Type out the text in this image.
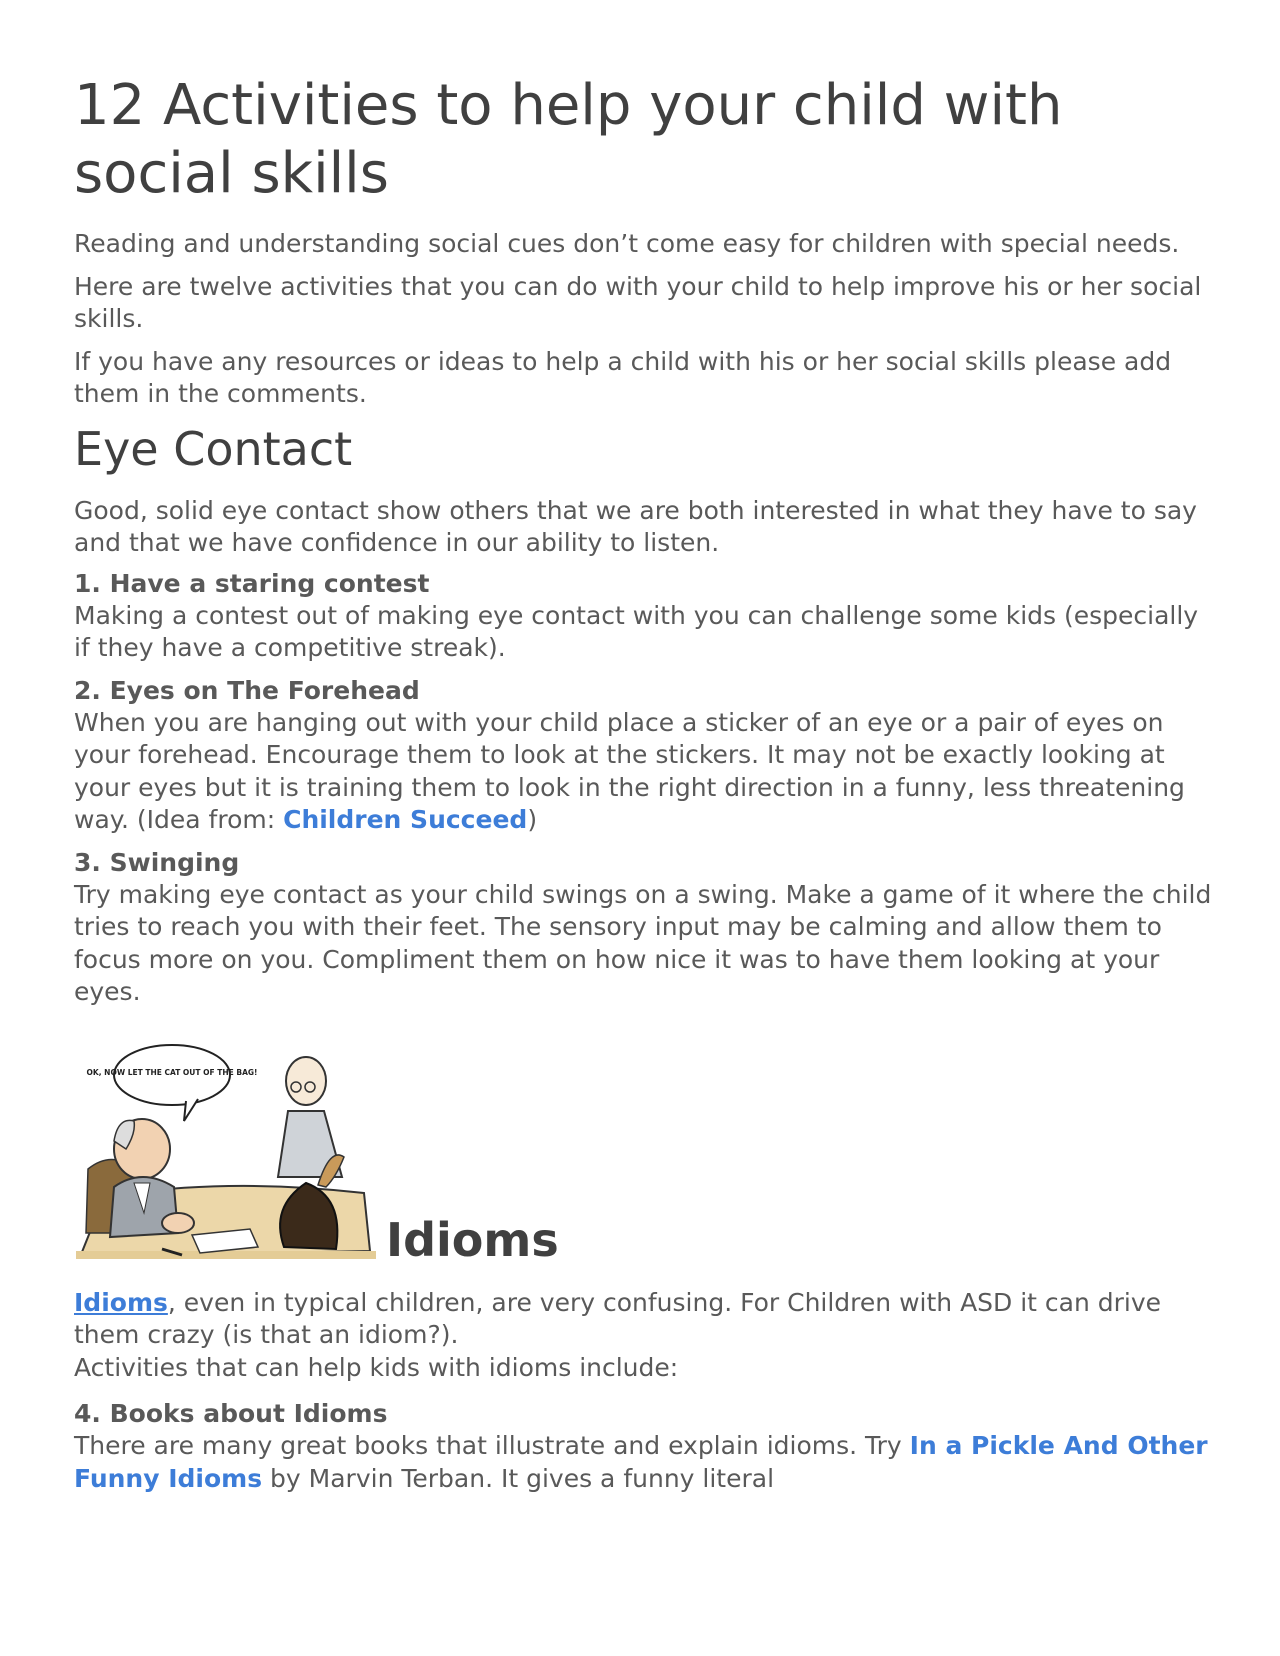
12 Activities to help your child with social skills

Reading and understanding social cues don’t come easy for children with special needs.

Here are twelve activities that you can do with your child to help improve his or her social skills.

If you have any resources or ideas to help a child with his or her social skills please add them in the comments.

Eye Contact

Good, solid eye contact show others that we are both interested in what they have to say and that we have confidence in our ability to listen.

1. Have a staring contest

Making a contest out of making eye contact with you can challenge some kids (especially if they have a competitive streak).

2. Eyes on The Forehead

When you are hanging out with your child place a sticker of an eye or a pair of eyes on your forehead. Encourage them to look at the stickers. It may not be exactly looking at your eyes but it is training them to look in the right direction in a funny, less threatening way. (Idea from: Children Succeed)

3. Swinging

Try making eye contact as your child swings on a swing. Make a game of it where the child tries to reach you with their feet. The sensory input may be calming and allow them to focus more on you. Compliment them on how nice it was to have them looking at your eyes.

OK, NOW LET THE CAT OUT OF THE BAG!
Idioms

Idioms, even in typical children, are very confusing. For Children with ASD it can drive them crazy (is that an idiom?).

Activities that can help kids with idioms include:

4. Books about Idioms

There are many great books that illustrate and explain idioms. Try In a Pickle And Other Funny Idioms by Marvin Terban. It gives a funny literal
